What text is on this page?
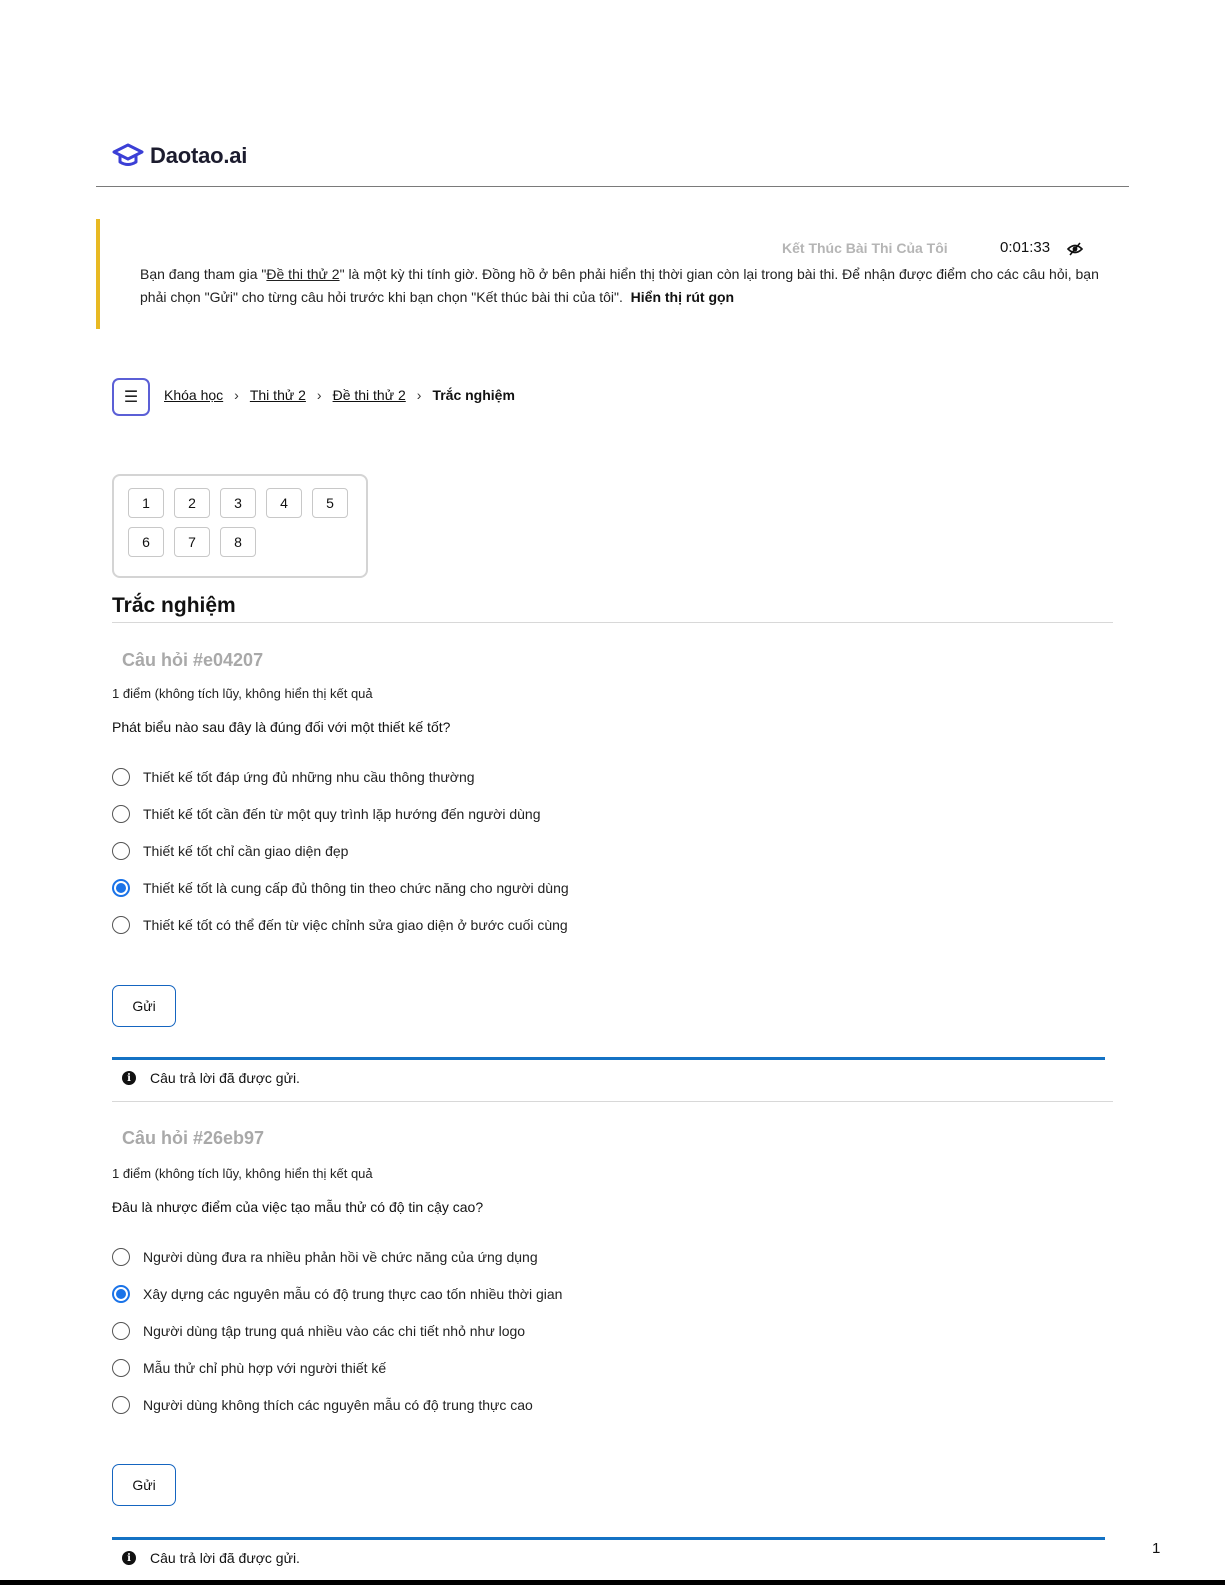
Daotao.ai
Kết Thúc Bài Thi Của Tôi	0:01:33
Bạn đang tham gia "Đề thi thử 2" là một kỳ thi tính giờ. Đồng hồ ở bên phải hiển thị thời gian còn lại trong bài thi. Để nhận được điểm cho các câu hỏi, bạn phải chọn "Gửi" cho từng câu hỏi trước khi bạn chọn "Kết thúc bài thi của tôi". Hiển thị rút gọn
☰ Khóa học › Thi thử 2 › Đề thi thử 2 › Trắc nghiệm
1	2	3	4	5
6	7	8
Trắc nghiệm
Câu hỏi #e04207
1 điểm (không tích lũy, không hiển thị kết quả
Phát biểu nào sau đây là đúng đối với một thiết kế tốt?
Thiết kế tốt đáp ứng đủ những nhu cầu thông thường
Thiết kế tốt cần đến từ một quy trình lặp hướng đến người dùng
Thiết kế tốt chỉ cần giao diện đẹp
Thiết kế tốt là cung cấp đủ thông tin theo chức năng cho người dùng
Thiết kế tốt có thể đến từ việc chỉnh sửa giao diện ở bước cuối cùng
Gửi
i	Câu trả lời đã được gửi.
Câu hỏi #26eb97
1 điểm (không tích lũy, không hiển thị kết quả
Đâu là nhược điểm của việc tạo mẫu thử có độ tin cậy cao?
Người dùng đưa ra nhiều phản hồi về chức năng của ứng dụng
Xây dựng các nguyên mẫu có độ trung thực cao tốn nhiều thời gian
Người dùng tập trung quá nhiều vào các chi tiết nhỏ như logo
Mẫu thử chỉ phù hợp với người thiết kế
Người dùng không thích các nguyên mẫu có độ trung thực cao
Gửi
i	Câu trả lời đã được gửi.
1
